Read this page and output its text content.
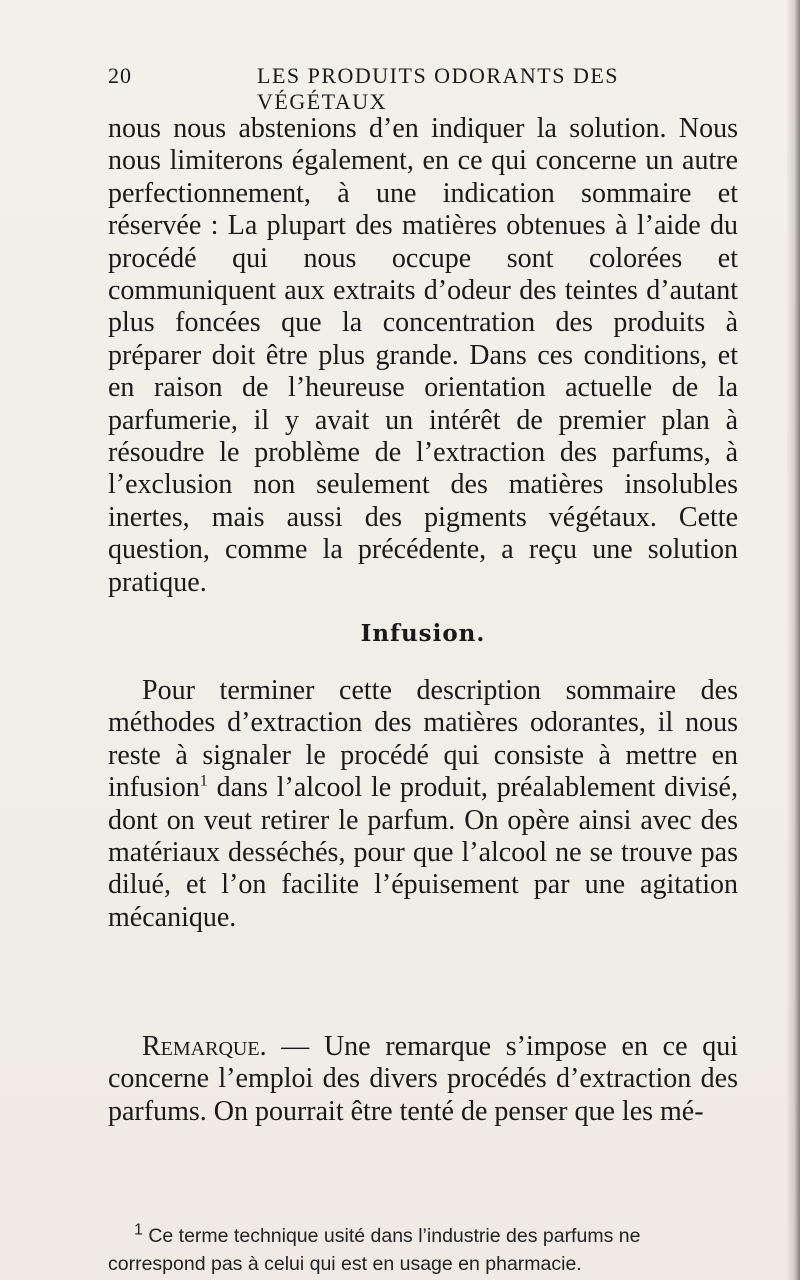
20	LES PRODUITS ODORANTS DES VÉGÉTAUX

nous nous abstenions d’en indiquer la solution. Nous nous limiterons également, en ce qui concerne un autre perfectionnement, à une indication sommaire et réservée : La plupart des matières obtenues à l’aide du procédé qui nous occupe sont colorées et communiquent aux extraits d’odeur des teintes d’autant plus foncées que la concentration des produits à préparer doit être plus grande. Dans ces conditions, et en raison de l’heureuse orientation actuelle de la parfumerie, il y avait un intérêt de premier plan à résoudre le problème de l’extraction des parfums, à l’exclusion non seulement des matières insolubles inertes, mais aussi des pigments végétaux. Cette question, comme la précédente, a reçu une solution pratique.

Infusion.
Pour terminer cette description sommaire des méthodes d’extraction des matières odorantes, il nous reste à signaler le procédé qui consiste à mettre en infusion$^1$ dans l’alcool le produit, préalablement divisé, dont on veut retirer le parfum. On opère ainsi avec des matériaux desséchés, pour que l’alcool ne se trouve pas dilué, et l’on facilite l’épuisement par une agitation mécanique.
Remarque. — Une remarque s’impose en ce qui concerne l’emploi des divers procédés d’extraction des parfums. On pourrait être tenté de penser que les mé-
$^1$ Ce terme technique usité dans l’industrie des parfums ne correspond pas à celui qui est en usage en pharmacie.
